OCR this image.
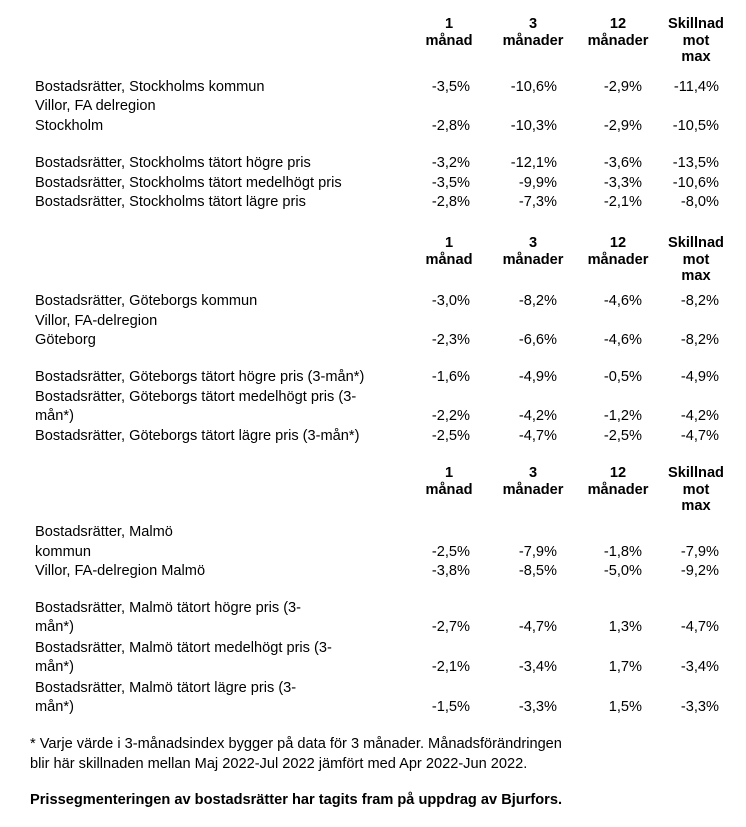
1
månad
3
månader
12
månader
Skillnad
mot
max
Bostadsrätter, Stockholms kommun	-3,5%	-10,6%	-2,9% -11,4%
Villor, FA delregion
Stockholm	-2,8%	-10,3%	-2,9% -10,5%
Bostadsrätter, Stockholms tätort högre pris	-3,2%	-12,1%	-3,6% -13,5%
Bostadsrätter, Stockholms tätort medelhögt pris	-3,5%	-9,9%	-3,3% -10,6%
Bostadsrätter, Stockholms tätort lägre pris	-2,8%	-7,3%	-2,1%	-8,0%
1
månad
3
månader
12
månader
Skillnad
mot
max
Bostadsrätter, Göteborgs kommun	-3,0%	-8,2%	-4,6%	-8,2%
Villor, FA-delregion
Göteborg	-2,3%	-6,6%	-4,6%	-8,2%
Bostadsrätter, Göteborgs tätort högre pris (3-mån*)	-1,6%	-4,9%	-0,5%	-4,9%
Bostadsrätter, Göteborgs tätort medelhögt pris (3-
mån*)	-2,2%	-4,2%	-1,2%	-4,2%
Bostadsrätter, Göteborgs tätort lägre pris (3-mån*)	-2,5%	-4,7%	-2,5%	-4,7%
1
månad
3
månader
12
månader
Skillnad
mot
max
Bostadsrätter, Malmö
kommun	-2,5%	-7,9%	-1,8%	-7,9%
Villor, FA-delregion Malmö	-3,8%	-8,5%	-5,0%	-9,2%
Bostadsrätter, Malmö tätort högre pris (3-
mån*)	-2,7%	-4,7%	1,3%	-4,7%
Bostadsrätter, Malmö tätort medelhögt pris (3-
mån*)	-2,1%	-3,4%	1,7%	-3,4%
Bostadsrätter, Malmö tätort lägre pris (3-
mån*)	-1,5%	-3,3%	1,5%	-3,3%
* Varje värde i 3-månadsindex bygger på data för 3 månader. Månadsförändringen
blir här skillnaden mellan Maj 2022-Jul 2022 jämfört med Apr 2022-Jun 2022.
Prissegmenteringen av bostadsrätter har tagits fram på uppdrag av Bjurfors.
